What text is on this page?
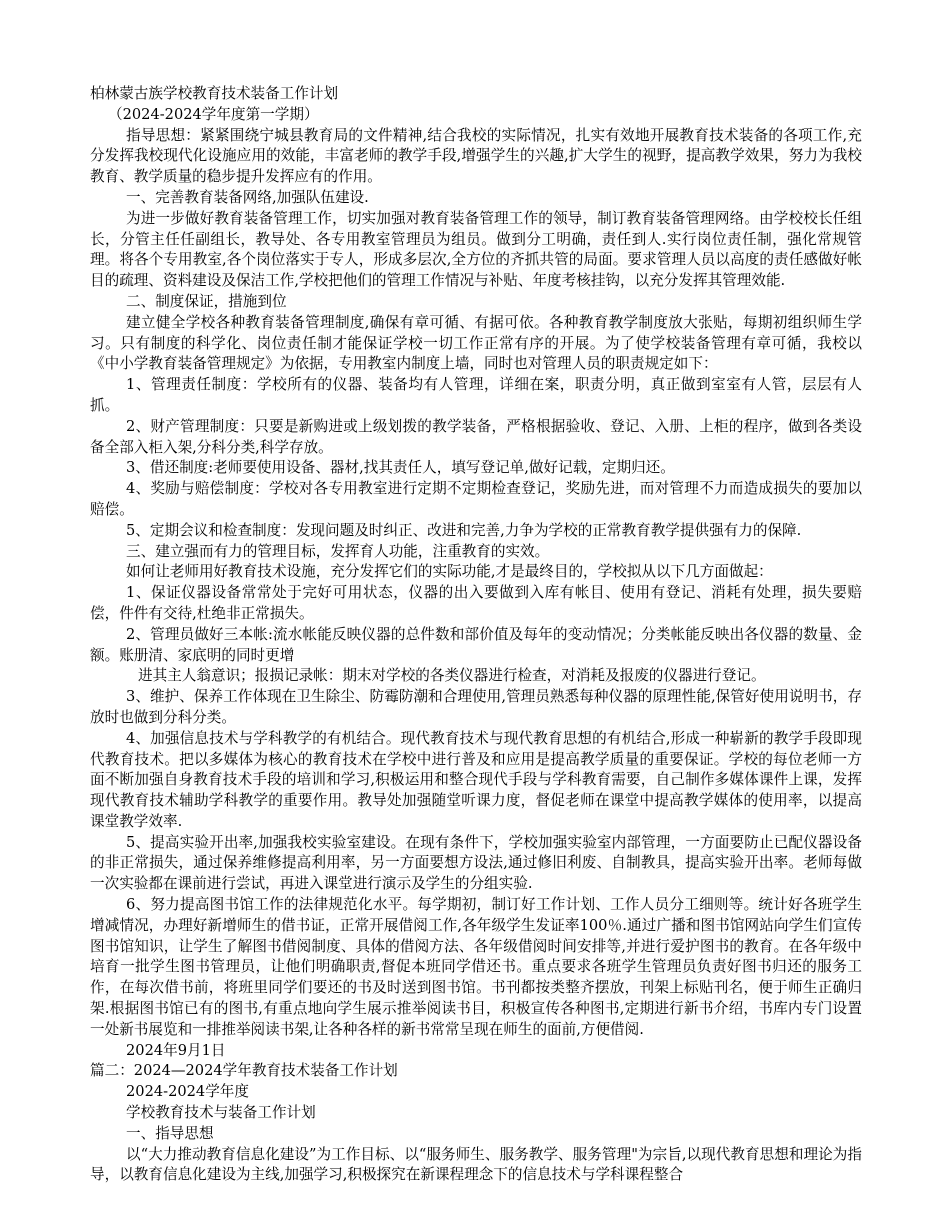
柏林蒙古族学校教育技术装备工作计划

（2024-2024学年度第一学期）

指导思想：紧紧围绕宁城县教育局的文件精神,结合我校的实际情况，扎实有效地开展教育技术装备的各项工作,充分发挥我校现代化设施应用的效能，丰富老师的教学手段,增强学生的兴趣,扩大学生的视野，提高教学效果，努力为我校教育、教学质量的稳步提升发挥应有的作用。

一、完善教育装备网络,加强队伍建设.

为进一步做好教育装备管理工作，切实加强对教育装备管理工作的领导，制订教育装备管理网络。由学校校长任组长，分管主任任副组长，教导处、各专用教室管理员为组员。做到分工明确，责任到人.实行岗位责任制，强化常规管理。将各个专用教室,各个岗位落实于专人，形成多层次,全方位的齐抓共管的局面。要求管理人员以高度的责任感做好帐目的疏理、资料建设及保洁工作,学校把他们的管理工作情况与补贴、年度考核挂钩，以充分发挥其管理效能.

二、制度保证，措施到位

建立健全学校各种教育装备管理制度,确保有章可循、有据可依。各种教育教学制度放大张贴，每期初组织师生学习。只有制度的科学化、岗位责任制才能保证学校一切工作正常有序的开展。为了使学校装备管理有章可循，我校以《中小学教育装备管理规定》为依据，专用教室内制度上墙，同时也对管理人员的职责规定如下：

1、管理责任制度：学校所有的仪器、装备均有人管理，详细在案，职责分明，真正做到室室有人管，层层有人抓。

2、财产管理制度：只要是新购进或上级划拨的教学装备，严格根据验收、登记、入册、上柜的程序，做到各类设备全部入柜入架,分科分类,科学存放。

3、借还制度:老师要使用设备、器材,找其责任人，填写登记单,做好记载，定期归还。

4、奖励与赔偿制度：学校对各专用教室进行定期不定期检查登记，奖励先进，而对管理不力而造成损失的要加以赔偿。

5、定期会议和检查制度：发现问题及时纠正、改进和完善,力争为学校的正常教育教学提供强有力的保障.

三、建立强而有力的管理目标，发挥育人功能，注重教育的实效。

如何让老师用好教育技术设施，充分发挥它们的实际功能,才是最终目的，学校拟从以下几方面做起：

1、保证仪器设备常常处于完好可用状态，仪器的出入要做到入库有帐目、使用有登记、消耗有处理，损失要赔偿，件件有交待,杜绝非正常损失。

2、管理员做好三本帐:流水帐能反映仪器的总件数和部价值及每年的变动情况；分类帐能反映出各仪器的数量、金额。账册清、家底明的同时更增

进其主人翁意识；报损记录帐：期末对学校的各类仪器进行检查，对消耗及报废的仪器进行登记。

3、维护、保养工作体现在卫生除尘、防霉防潮和合理使用,管理员熟悉每种仪器的原理性能,保管好使用说明书，存放时也做到分科分类。

4、加强信息技术与学科教学的有机结合。现代教育技术与现代教育思想的有机结合,形成一种崭新的教学手段即现代教育技术。把以多媒体为核心的教育技术在学校中进行普及和应用是提高教学质量的重要保证。学校的每位老师一方面不断加强自身教育技术手段的培训和学习,积极运用和整合现代手段与学科教育需要，自己制作多媒体课件上课，发挥现代教育技术辅助学科教学的重要作用。教导处加强随堂听课力度，督促老师在课堂中提高教学媒体的使用率，以提高课堂教学效率.

5、提高实验开出率,加强我校实验室建设。在现有条件下，学校加强实验室内部管理，一方面要防止已配仪器设备的非正常损失，通过保养维修提高利用率，另一方面要想方设法,通过修旧利废、自制教具，提高实验开出率。老师每做一次实验都在课前进行尝试，再进入课堂进行演示及学生的分组实验.

6、努力提高图书馆工作的法律规范化水平。每学期初，制订好工作计划、工作人员分工细则等。统计好各班学生增减情况，办理好新增师生的借书证，正常开展借阅工作,各年级学生发证率100％.通过广播和图书馆网站向学生们宣传图书馆知识，让学生了解图书借阅制度、具体的借阅方法、各年级借阅时间安排等,并进行爱护图书的教育。在各年级中培育一批学生图书管理员，让他们明确职责,督促本班同学借还书。重点要求各班学生管理员负责好图书归还的服务工作，在每次借书前，将班里同学们要还的书及时送到图书馆。书刊都按类整齐摆放，刊架上标贴刊名，便于师生正确归架.根据图书馆已有的图书,有重点地向学生展示推举阅读书目，积极宣传各种图书,定期进行新书介绍，书库内专门设置一处新书展览和一排推举阅读书架,让各种各样的新书常常呈现在师生的面前,方便借阅.

2024年9月1日

篇二：2024—2024学年教育技术装备工作计划

2024-2024学年度

学校教育技术与装备工作计划

一、指导思想

以“大力推动教育信息化建设”为工作目标、以“服务师生、服务教学、服务管理"为宗旨,以现代教育思想和理论为指导，以教育信息化建设为主线,加强学习,积极探究在新课程理念下的信息技术与学科课程整合
